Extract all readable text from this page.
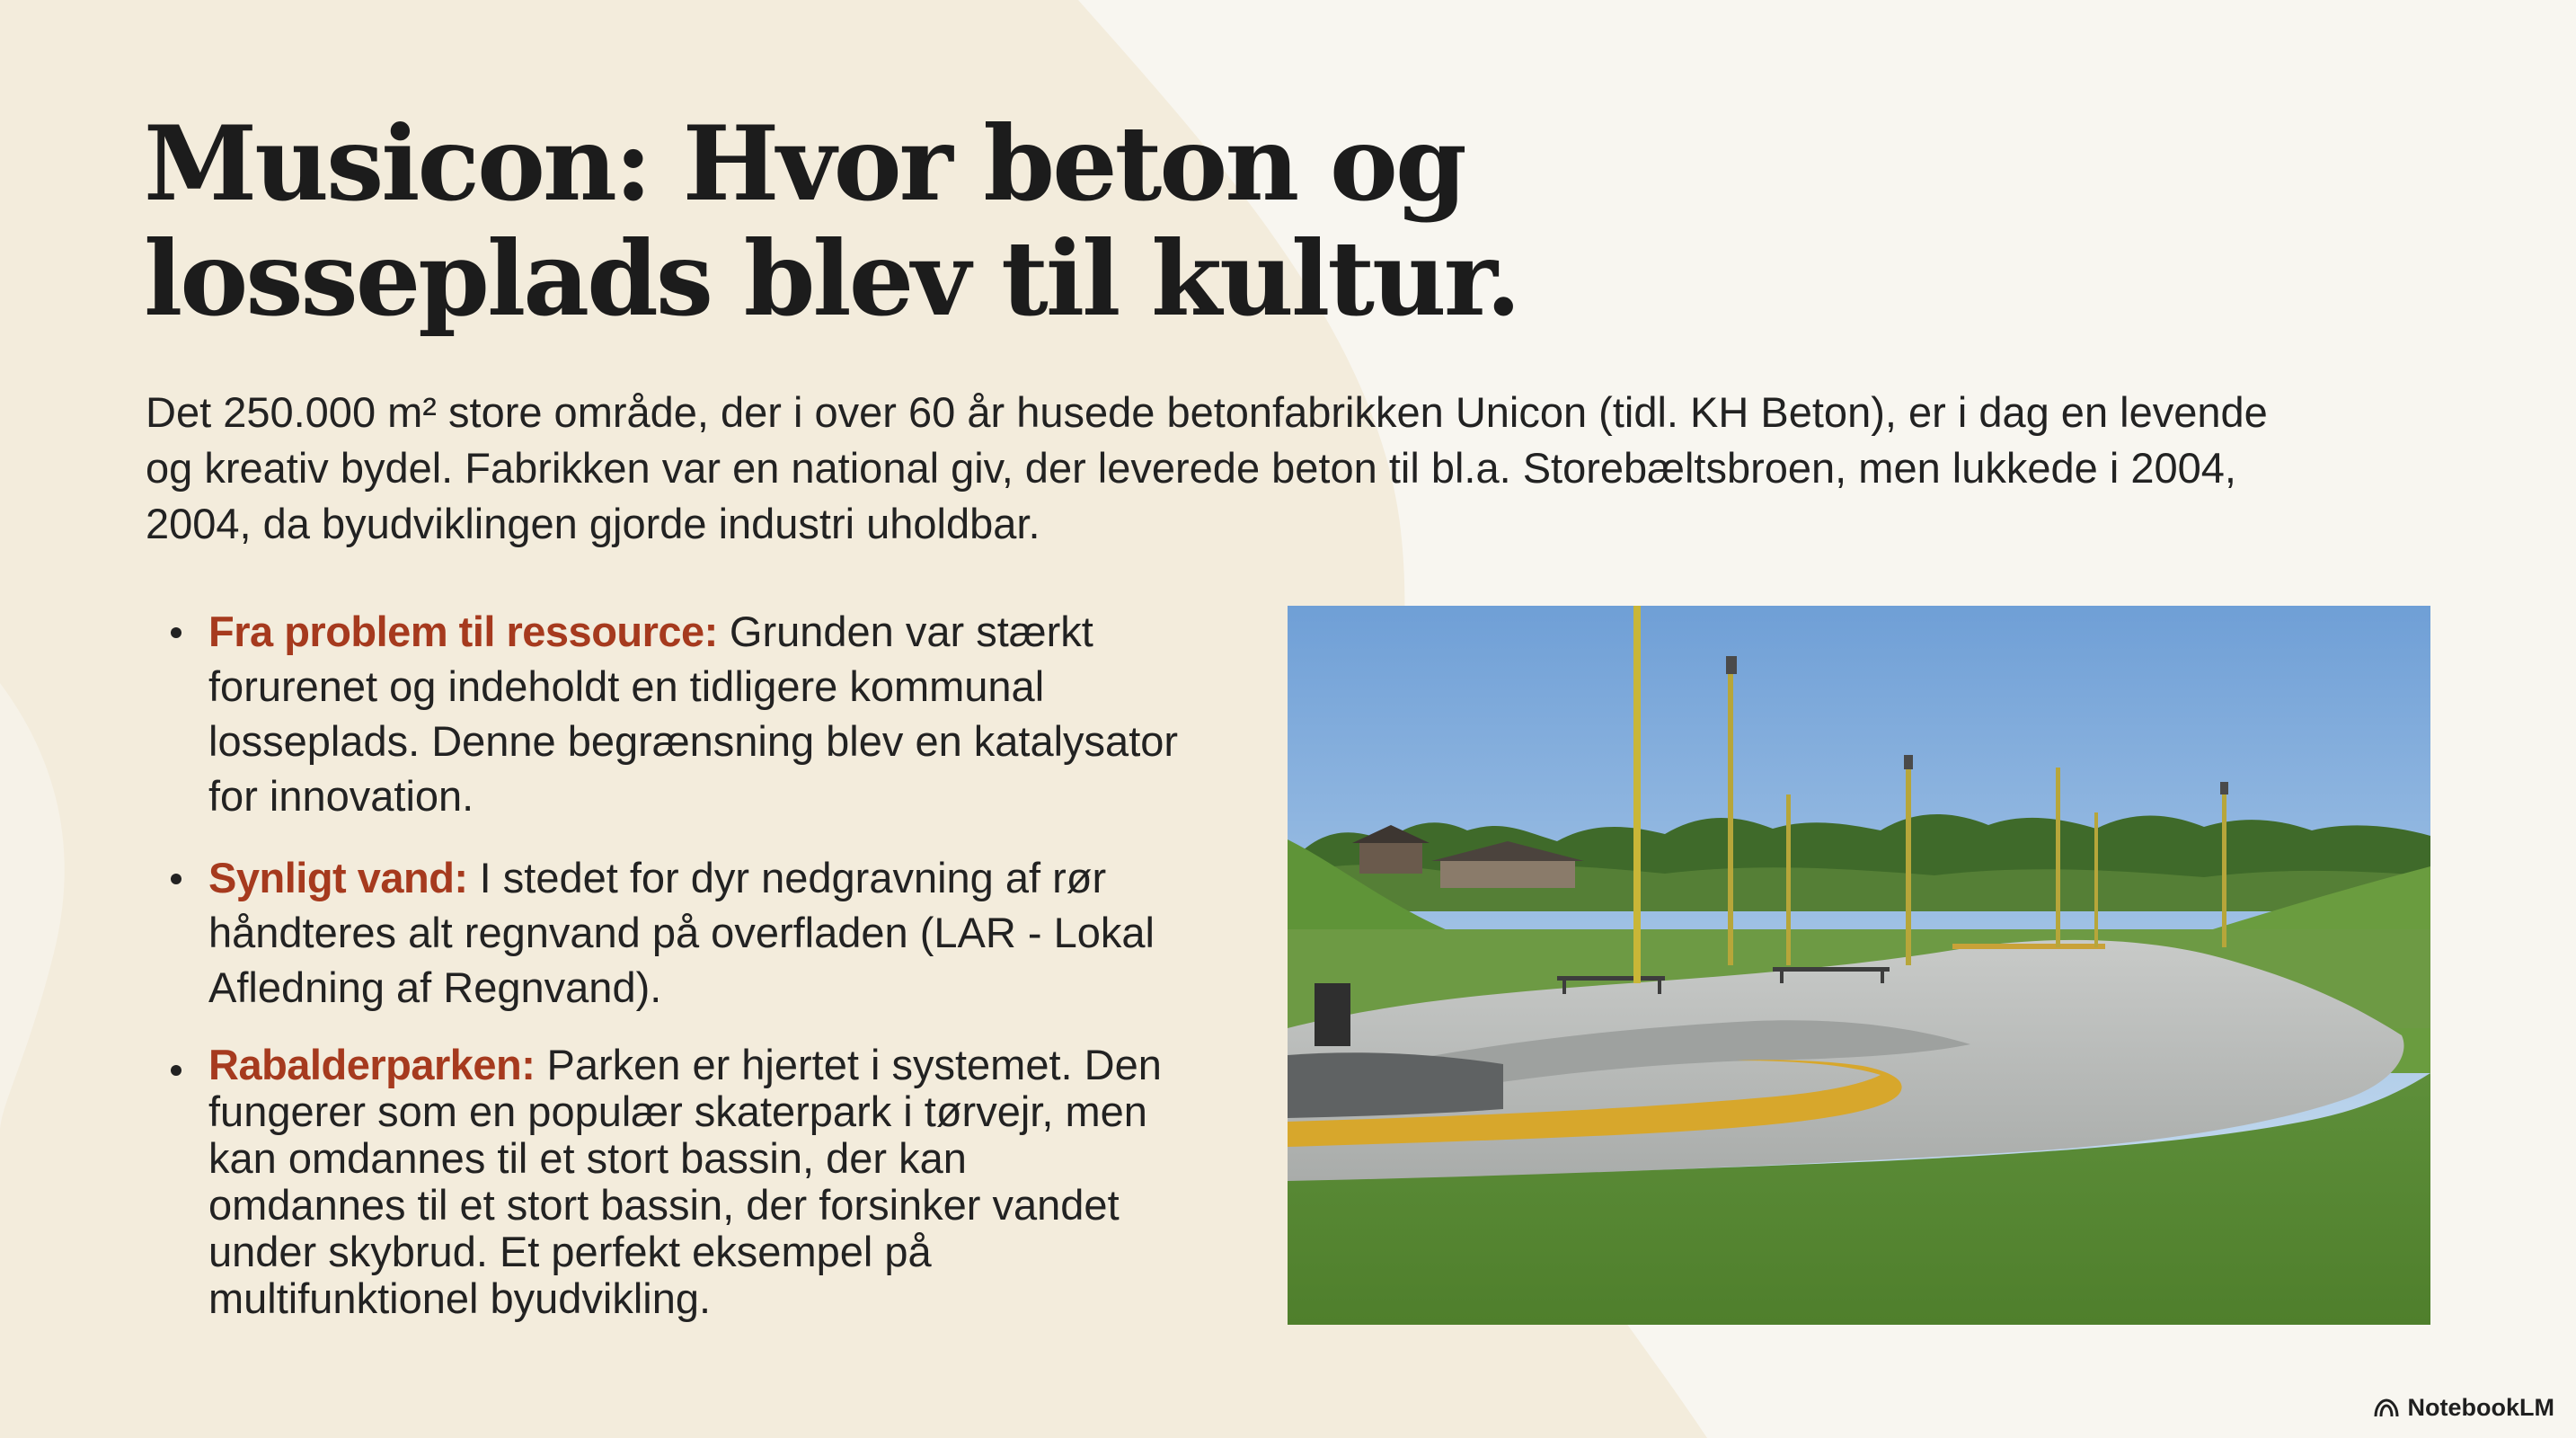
Musicon: Hvor beton og
losseplads blev til kultur.

Det 250.000 m² store område, der i over 60 år husede betonfabrikken Unicon (tidl. KH Beton), er i dag en levende
og kreativ bydel. Fabrikken var en national giv, der leverede beton til bl.a. Storebæltsbroen, men lukkede i 2004,
2004, da byudviklingen gjorde industri uholdbar.

Fra problem til ressource: Grunden var stærkt
forurenet og indeholdt en tidligere kommunal
losseplads. Denne begrænsning blev en katalysator
for innovation.
Synligt vand: I stedet for dyr nedgravning af rør
håndteres alt regnvand på overfladen (LAR - Lokal
Afledning af Regnvand).
Rabalderparken: Parken er hjertet i systemet. Den
fungerer som en populær skaterpark i tørvejr, men
kan omdannes til et stort bassin, der kan
omdannes til et stort bassin, der forsinker vandet
under skybrud. Et perfekt eksempel på
multifunktionel byudvikling.
NotebookLM
